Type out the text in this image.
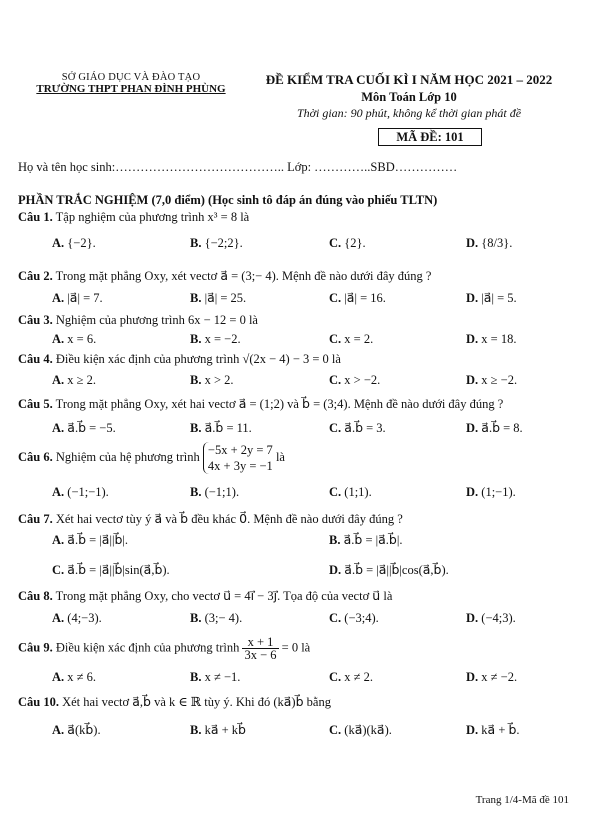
SỞ GIÁO DỤC VÀ ĐÀO TẠO
TRƯỜNG THPT PHAN ĐÌNH PHÙNG
ĐỀ KIỂM TRA CUỐI KÌ I NĂM HỌC 2021 – 2022
Môn Toán Lớp 10
Thời gian: 90 phút, không kể thời gian phát đề
MÃ ĐỀ: 101
Họ và tên học sinh:………………………………….. Lớp: …………..SBD……………
PHẦN TRẮC NGHIỆM (7,0 điểm) (Học sinh tô đáp án đúng vào phiếu TLTN)
Câu 1. Tập nghiệm của phương trình x³ = 8 là
A. {−2}.	B. {−2;2}.	C. {2}.	D. {8/3}.
Câu 2. Trong mặt phẳng Oxy, xét vectơ a⃗ = (3;− 4). Mệnh đề nào dưới đây đúng ?
A. |a⃗| = 7.	B. |a⃗| = 25.	C. |a⃗| = 16.	D. |a⃗| = 5.
Câu 3. Nghiệm của phương trình 6x − 12 = 0 là
A. x = 6.	B. x = −2.	C. x = 2.	D. x = 18.
Câu 4. Điều kiện xác định của phương trình √(2x − 4) − 3 = 0 là
A. x ≥ 2.	B. x > 2.	C. x > −2.	D. x ≥ −2.
Câu 5. Trong mặt phẳng Oxy, xét hai vectơ a⃗ = (1;2) và b⃗ = (3;4). Mệnh đề nào dưới đây đúng ?
A. a⃗.b⃗ = −5.	B. a⃗.b⃗ = 11.	C. a⃗.b⃗ = 3.	D. a⃗.b⃗ = 8.
Câu 6. Nghiệm của hệ phương trình −5x + 2y = 7
4x + 3y = −1
là
A. (−1;−1).	B. (−1;1).	C. (1;1).	D. (1;−1).
Câu 7. Xét hai vectơ tùy ý a⃗ và b⃗ đều khác 0⃗. Mệnh đề nào dưới đây đúng ?
A. a⃗.b⃗ = |a⃗||b⃗|.	B. a⃗.b⃗ = |a⃗.b⃗|.
C. a⃗.b⃗ = |a⃗||b⃗|sin(a⃗,b⃗).	D. a⃗.b⃗ = |a⃗||b⃗|cos(a⃗,b⃗).
Câu 8. Trong mặt phẳng Oxy, cho vectơ u⃗ = 4i⃗ − 3j⃗. Tọa độ của vectơ u⃗ là
A. (4;−3).	B. (3;− 4).	C. (−3;4).	D. (−4;3).
Câu 9. Điều kiện xác định của phương trình $\frac{x + 1}{3x - 6} = 0$ là
A. x ≠ 6.	B. x ≠ −1.	C. x ≠ 2.	D. x ≠ −2.
Câu 10. Xét hai vectơ a⃗,b⃗ và k ∈ ℝ tùy ý. Khi đó (ka⃗)b⃗ bằng
A. a⃗(kb⃗).	B. ka⃗ + kb⃗	C. (ka⃗)(ka⃗).	D. ka⃗ + b⃗.
Trang 1/4-Mã đề 101
